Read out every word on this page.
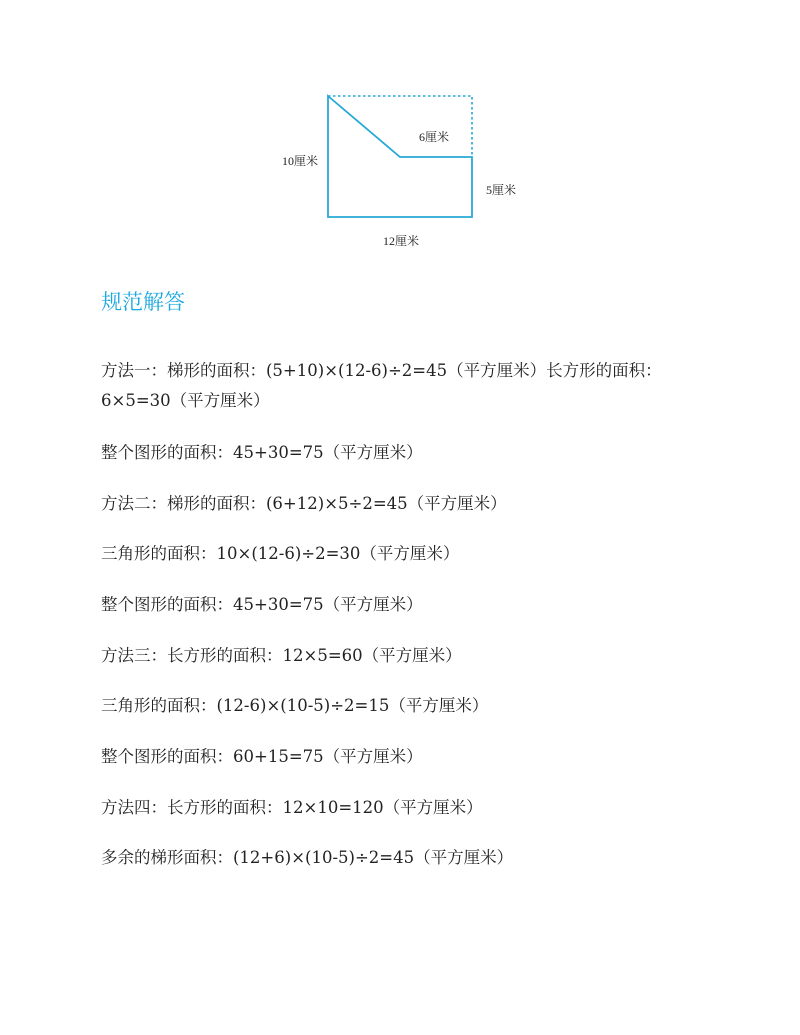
10厘米
6厘米
5厘米
12厘米
规范解答

方法一：梯形的面积：(5+10)×(12-6)÷2=45（平方厘米）长方形的面积：6×5=30（平方厘米）

整个图形的面积：45+30=75（平方厘米）

方法二：梯形的面积：(6+12)×5÷2=45（平方厘米）

三角形的面积：10×(12-6)÷2=30（平方厘米）

整个图形的面积：45+30=75（平方厘米）

方法三：长方形的面积：12×5=60（平方厘米）

三角形的面积：(12-6)×(10-5)÷2=15（平方厘米）

整个图形的面积：60+15=75（平方厘米）

方法四：长方形的面积：12×10=120（平方厘米）

多余的梯形面积：(12+6)×(10-5)÷2=45（平方厘米）
